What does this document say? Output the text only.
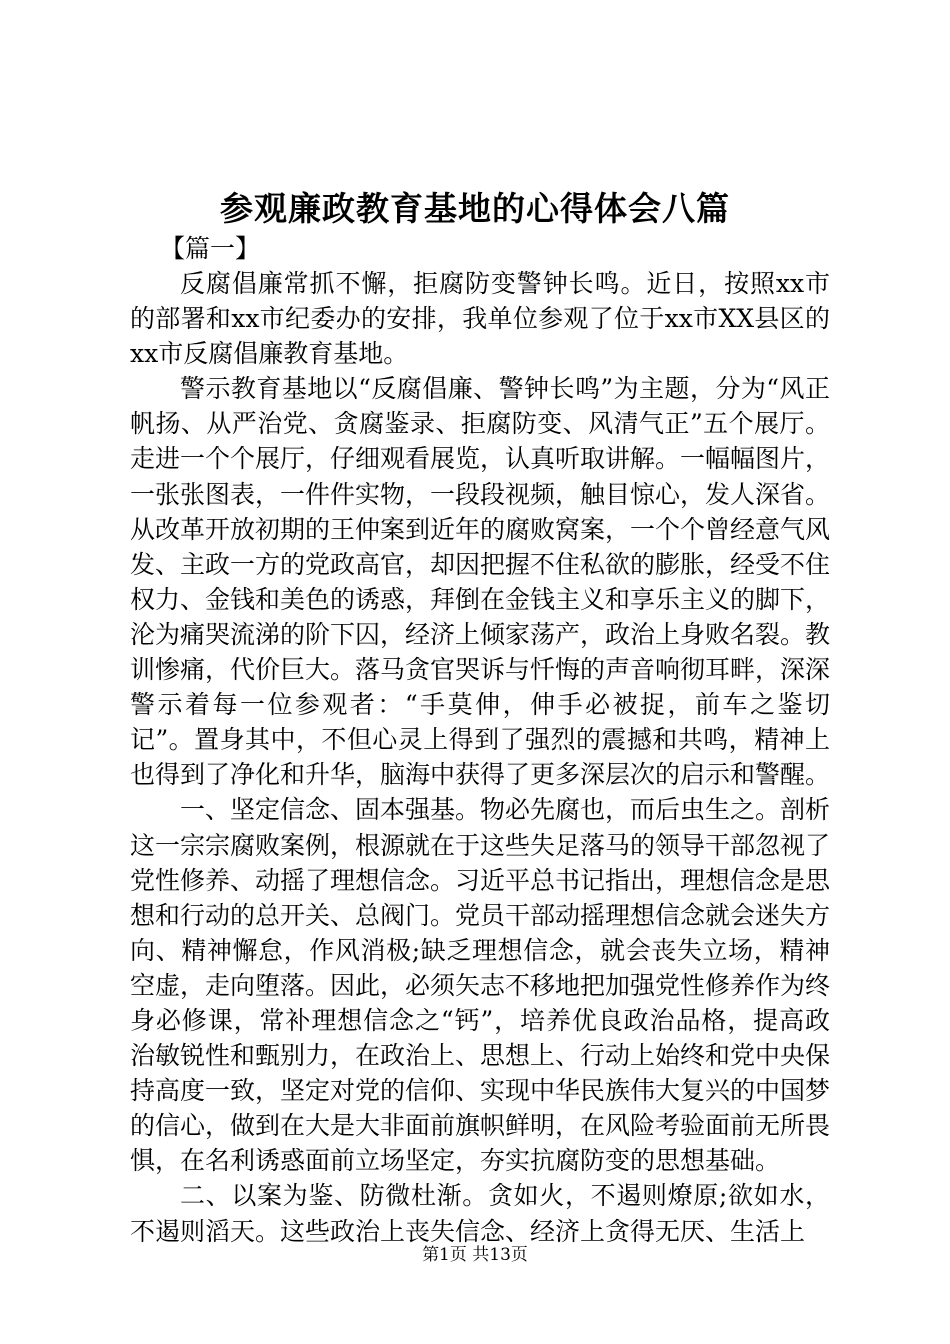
参观廉政教育基地的心得体会八篇
【篇一】

反腐倡廉常抓不懈，拒腐防变警钟长鸣。近日，按照xx市的部署和xx市纪委办的安排，我单位参观了位于xx市XX县区的xx市反腐倡廉教育基地。

警示教育基地以“反腐倡廉、警钟长鸣”为主题，分为“风正帆扬、从严治党、贪腐鉴录、拒腐防变、风清气正”五个展厅。走进一个个展厅，仔细观看展览，认真听取讲解。一幅幅图片，一张张图表，一件件实物，一段段视频，触目惊心，发人深省。从改革开放初期的王仲案到近年的腐败窝案，一个个曾经意气风发、主政一方的党政高官，却因把握不住私欲的膨胀，经受不住权力、金钱和美色的诱惑，拜倒在金钱主义和享乐主义的脚下，沦为痛哭流涕的阶下囚，经济上倾家荡产，政治上身败名裂。教训惨痛，代价巨大。落马贪官哭诉与忏悔的声音响彻耳畔，深深警示着每一位参观者：“手莫伸，伸手必被捉，前车之鉴切记”。置身其中，不但心灵上得到了强烈的震撼和共鸣，精神上也得到了净化和升华，脑海中获得了更多深层次的启示和警醒。

一、坚定信念、固本强基。物必先腐也，而后虫生之。剖析这一宗宗腐败案例，根源就在于这些失足落马的领导干部忽视了党性修养、动摇了理想信念。习近平总书记指出，理想信念是思想和行动的总开关、总阀门。党员干部动摇理想信念就会迷失方向、精神懈怠，作风消极;缺乏理想信念，就会丧失立场，精神空虚，走向堕落。因此，必须矢志不移地把加强党性修养作为终身必修课，常补理想信念之“钙”，培养优良政治品格，提高政治敏锐性和甄别力，在政治上、思想上、行动上始终和党中央保持高度一致，坚定对党的信仰、实现中华民族伟大复兴的中国梦的信心，做到在大是大非面前旗帜鲜明，在风险考验面前无所畏惧，在名利诱惑面前立场坚定，夯实抗腐防变的思想基础。

二、以案为鉴、防微杜渐。贪如火，不遏则燎原;欲如水，不遏则滔天。这些政治上丧失信念、经济上贪得无厌、生活上

第1页 共13页
